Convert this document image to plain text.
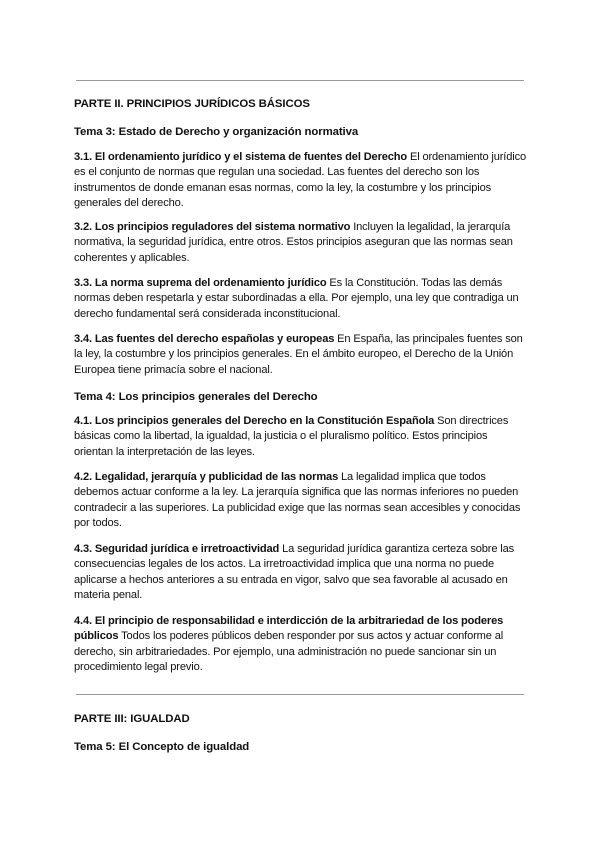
PARTE II. PRINCIPIOS JURÍDICOS BÁSICOS
Tema 3: Estado de Derecho y organización normativa

3.1. El ordenamiento jurídico y el sistema de fuentes del Derecho El ordenamiento jurídico es el conjunto de normas que regulan una sociedad. Las fuentes del derecho son los instrumentos de donde emanan esas normas, como la ley, la costumbre y los principios generales del derecho.

3.2. Los principios reguladores del sistema normativo Incluyen la legalidad, la jerarquía normativa, la seguridad jurídica, entre otros. Estos principios aseguran que las normas sean coherentes y aplicables.

3.3. La norma suprema del ordenamiento jurídico Es la Constitución. Todas las demás normas deben respetarla y estar subordinadas a ella. Por ejemplo, una ley que contradiga un derecho fundamental será considerada inconstitucional.

3.4. Las fuentes del derecho españolas y europeas En España, las principales fuentes son la ley, la costumbre y los principios generales. En el ámbito europeo, el Derecho de la Unión Europea tiene primacía sobre el nacional.

Tema 4: Los principios generales del Derecho

4.1. Los principios generales del Derecho en la Constitución Española Son directrices básicas como la libertad, la igualdad, la justicia o el pluralismo político. Estos principios orientan la interpretación de las leyes.

4.2. Legalidad, jerarquía y publicidad de las normas La legalidad implica que todos debemos actuar conforme a la ley. La jerarquía significa que las normas inferiores no pueden contradecir a las superiores. La publicidad exige que las normas sean accesibles y conocidas por todos.

4.3. Seguridad jurídica e irretroactividad La seguridad jurídica garantiza certeza sobre las consecuencias legales de los actos. La irretroactividad implica que una norma no puede aplicarse a hechos anteriores a su entrada en vigor, salvo que sea favorable al acusado en materia penal.

4.4. El principio de responsabilidad e interdicción de la arbitrariedad de los poderes públicos Todos los poderes públicos deben responder por sus actos y actuar conforme al derecho, sin arbitrariedades. Por ejemplo, una administración no puede sancionar sin un procedimiento legal previo.

PARTE III: IGUALDAD
Tema 5: El Concepto de igualdad
